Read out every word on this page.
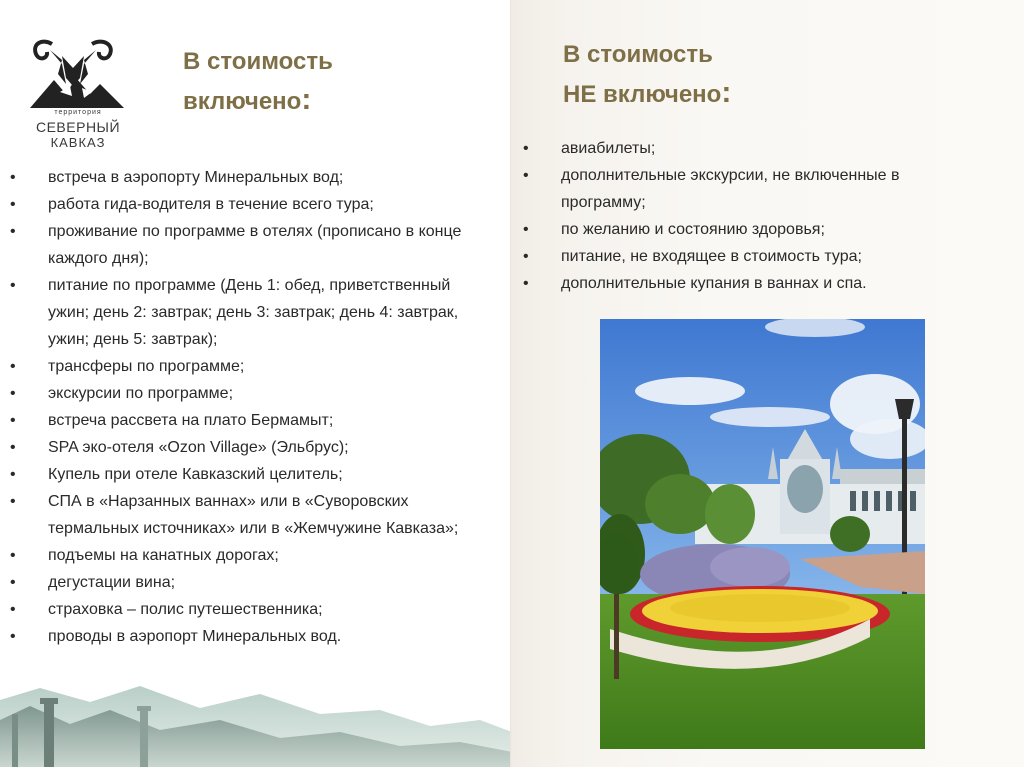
территория
СЕВЕРНЫЙ
КАВКАЗ
В стоимость
включено:
• встреча в аэропорту Минеральных вод;
• работа гида-водителя в течение всего тура;
• проживание по программе в отелях (прописано в конце каждого дня);
• питание по программе (День 1: обед, приветственный ужин; день 2: завтрак; день 3: завтрак; день 4: завтрак, ужин; день 5: завтрак);
• трансферы по программе;
• экскурсии по программе;
• встреча рассвета на плато Бермамыт;
• SPA эко-отеля «Ozon Village» (Эльбрус);
• Купель при отеле Кавказский целитель;
• СПА в «Нарзанных ваннах» или в «Суворовских термальных источниках» или в «Жемчужине Кавказа»;
• подъемы на канатных дорогах;
• дегустации вина;
• страховка – полис путешественника;
• проводы в аэропорт Минеральных вод.
В стоимость
НЕ включено:
• авиабилеты;
• дополнительные экскурсии, не включенные в программу;
• по желанию и состоянию здоровья;
• питание, не входящее в стоимость тура;
• дополнительные купания в ваннах и спа.
